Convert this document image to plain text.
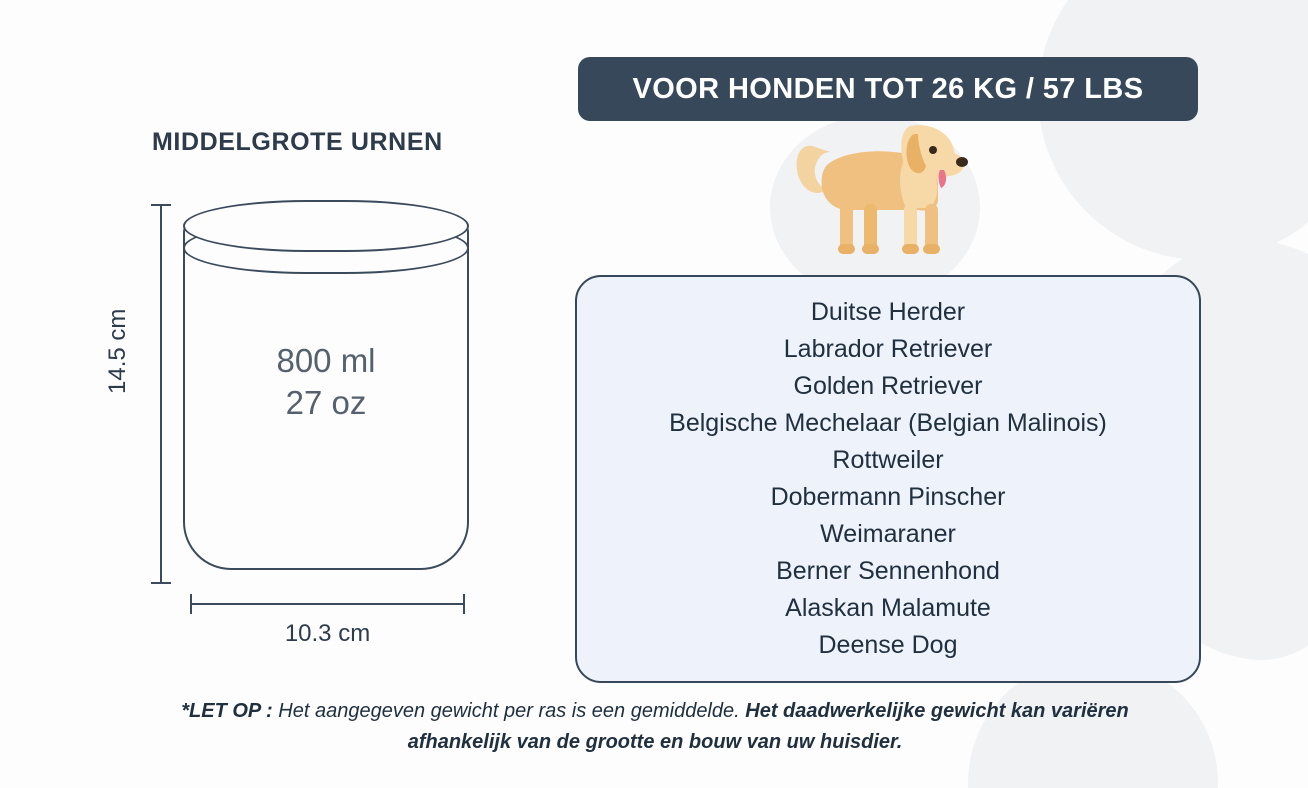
MIDDELGROTE URNEN
800 ml
27 oz
14.5 cm
10.3 cm
VOOR HONDEN TOT 26 KG / 57 LBS
Duitse Herder
Labrador Retriever
Golden Retriever
Belgische Mechelaar (Belgian Malinois)
Rottweiler
Dobermann Pinscher
Weimaraner
Berner Sennenhond
Alaskan Malamute
Deense Dog
*LET OP : Het aangegeven gewicht per ras is een gemiddelde. Het daadwerkelijke gewicht kan variëren afhankelijk van de grootte en bouw van uw huisdier.
